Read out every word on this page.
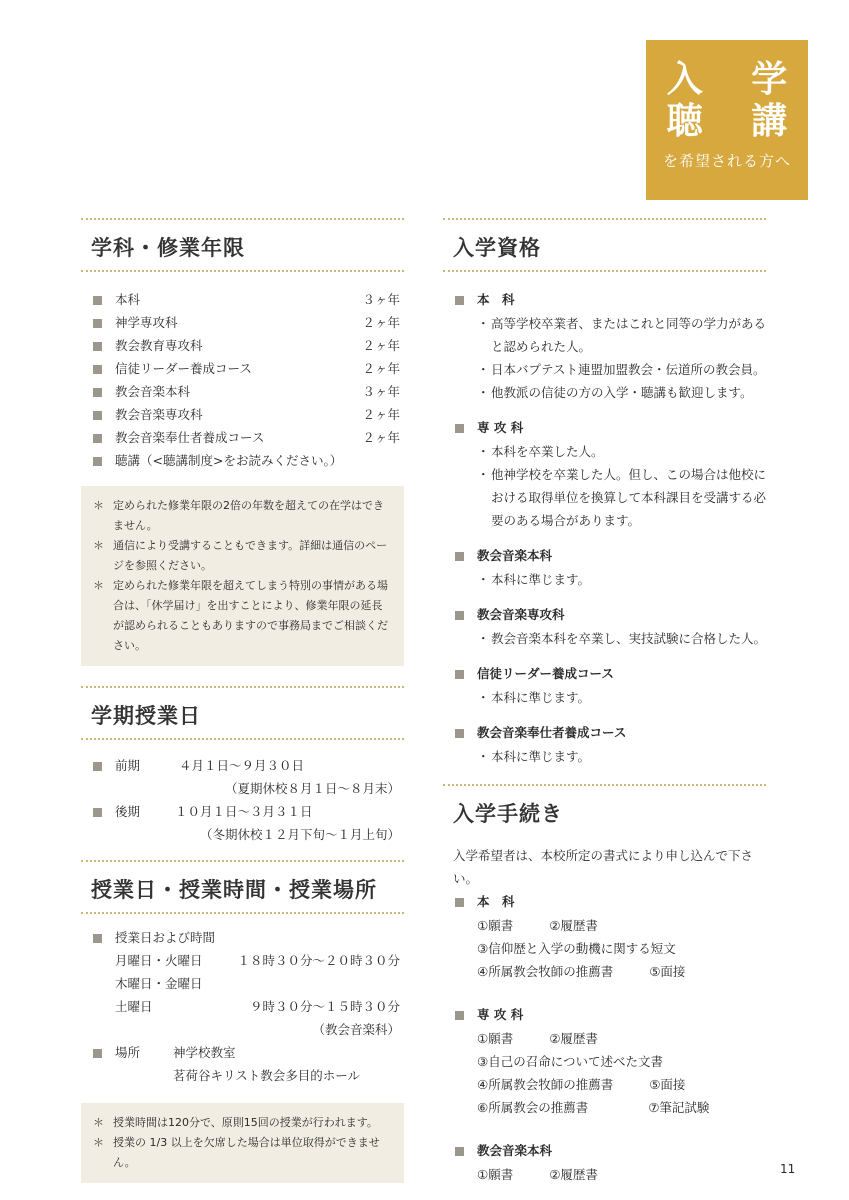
入 学
聴 講
を希望される方へ
学科・修業年限
本科	３ヶ年
神学専攻科	２ヶ年
教会教育専攻科	２ヶ年
信徒リーダー養成コース	２ヶ年
教会音楽本科	３ヶ年
教会音楽専攻科	２ヶ年
教会音楽奉仕者養成コース	２ヶ年
聴講（<聴講制度>をお読みください。）
＊ 定められた修業年限の2倍の年数を超えての在学はできません。
＊ 通信により受講することもできます。詳細は通信のページを参照ください。
＊ 定められた修業年限を超えてしまう特別の事情がある場合は、「休学届け」を出すことにより、修業年限の延長が認められることもありますので事務局までご相談ください。
学期授業日
前期	４月１日～９月３０日
（夏期休校８月１日～８月末）
後期	１０月１日～３月３１日
（冬期休校１２月下旬～１月上旬）
授業日・授業時間・授業場所
授業日および時間
月曜日・火曜日	１８時３０分～２０時３０分
木曜日・金曜日
土曜日	９時３０分～１５時３０分
（教会音楽科）
場所	神学校教室
茗荷谷キリスト教会多目的ホール
＊ 授業時間は120分で、原則15回の授業が行われます。
＊ 授業の 1/3 以上を欠席した場合は単位取得ができません。
入学資格
本　科
・ 高等学校卒業者、またはこれと同等の学力があると認められた人。
・ 日本バプテスト連盟加盟教会・伝道所の教会員。
・ 他教派の信徒の方の入学・聴講も歓迎します。
専 攻 科
・ 本科を卒業した人。
・ 他神学校を卒業した人。但し、この場合は他校における取得単位を換算して本科課目を受講する必要のある場合があります。
教会音楽本科
・ 本科に準じます。
教会音楽専攻科
・ 教会音楽本科を卒業し、実技試験に合格した人。
信徒リーダー養成コース
・ 本科に準じます。
教会音楽奉仕者養成コース
・ 本科に準じます。
入学手続き
入学希望者は、本校所定の書式により申し込んで下さい。
本　科
①願書	②履歴書
③信仰歴と入学の動機に関する短文
④所属教会牧師の推薦書	⑤面接
専 攻 科
①願書	②履歴書
③自己の召命について述べた文書
④所属教会牧師の推薦書	⑤面接
⑥所属教会の推薦書	⑦筆記試験
教会音楽本科
①願書	②履歴書	11
